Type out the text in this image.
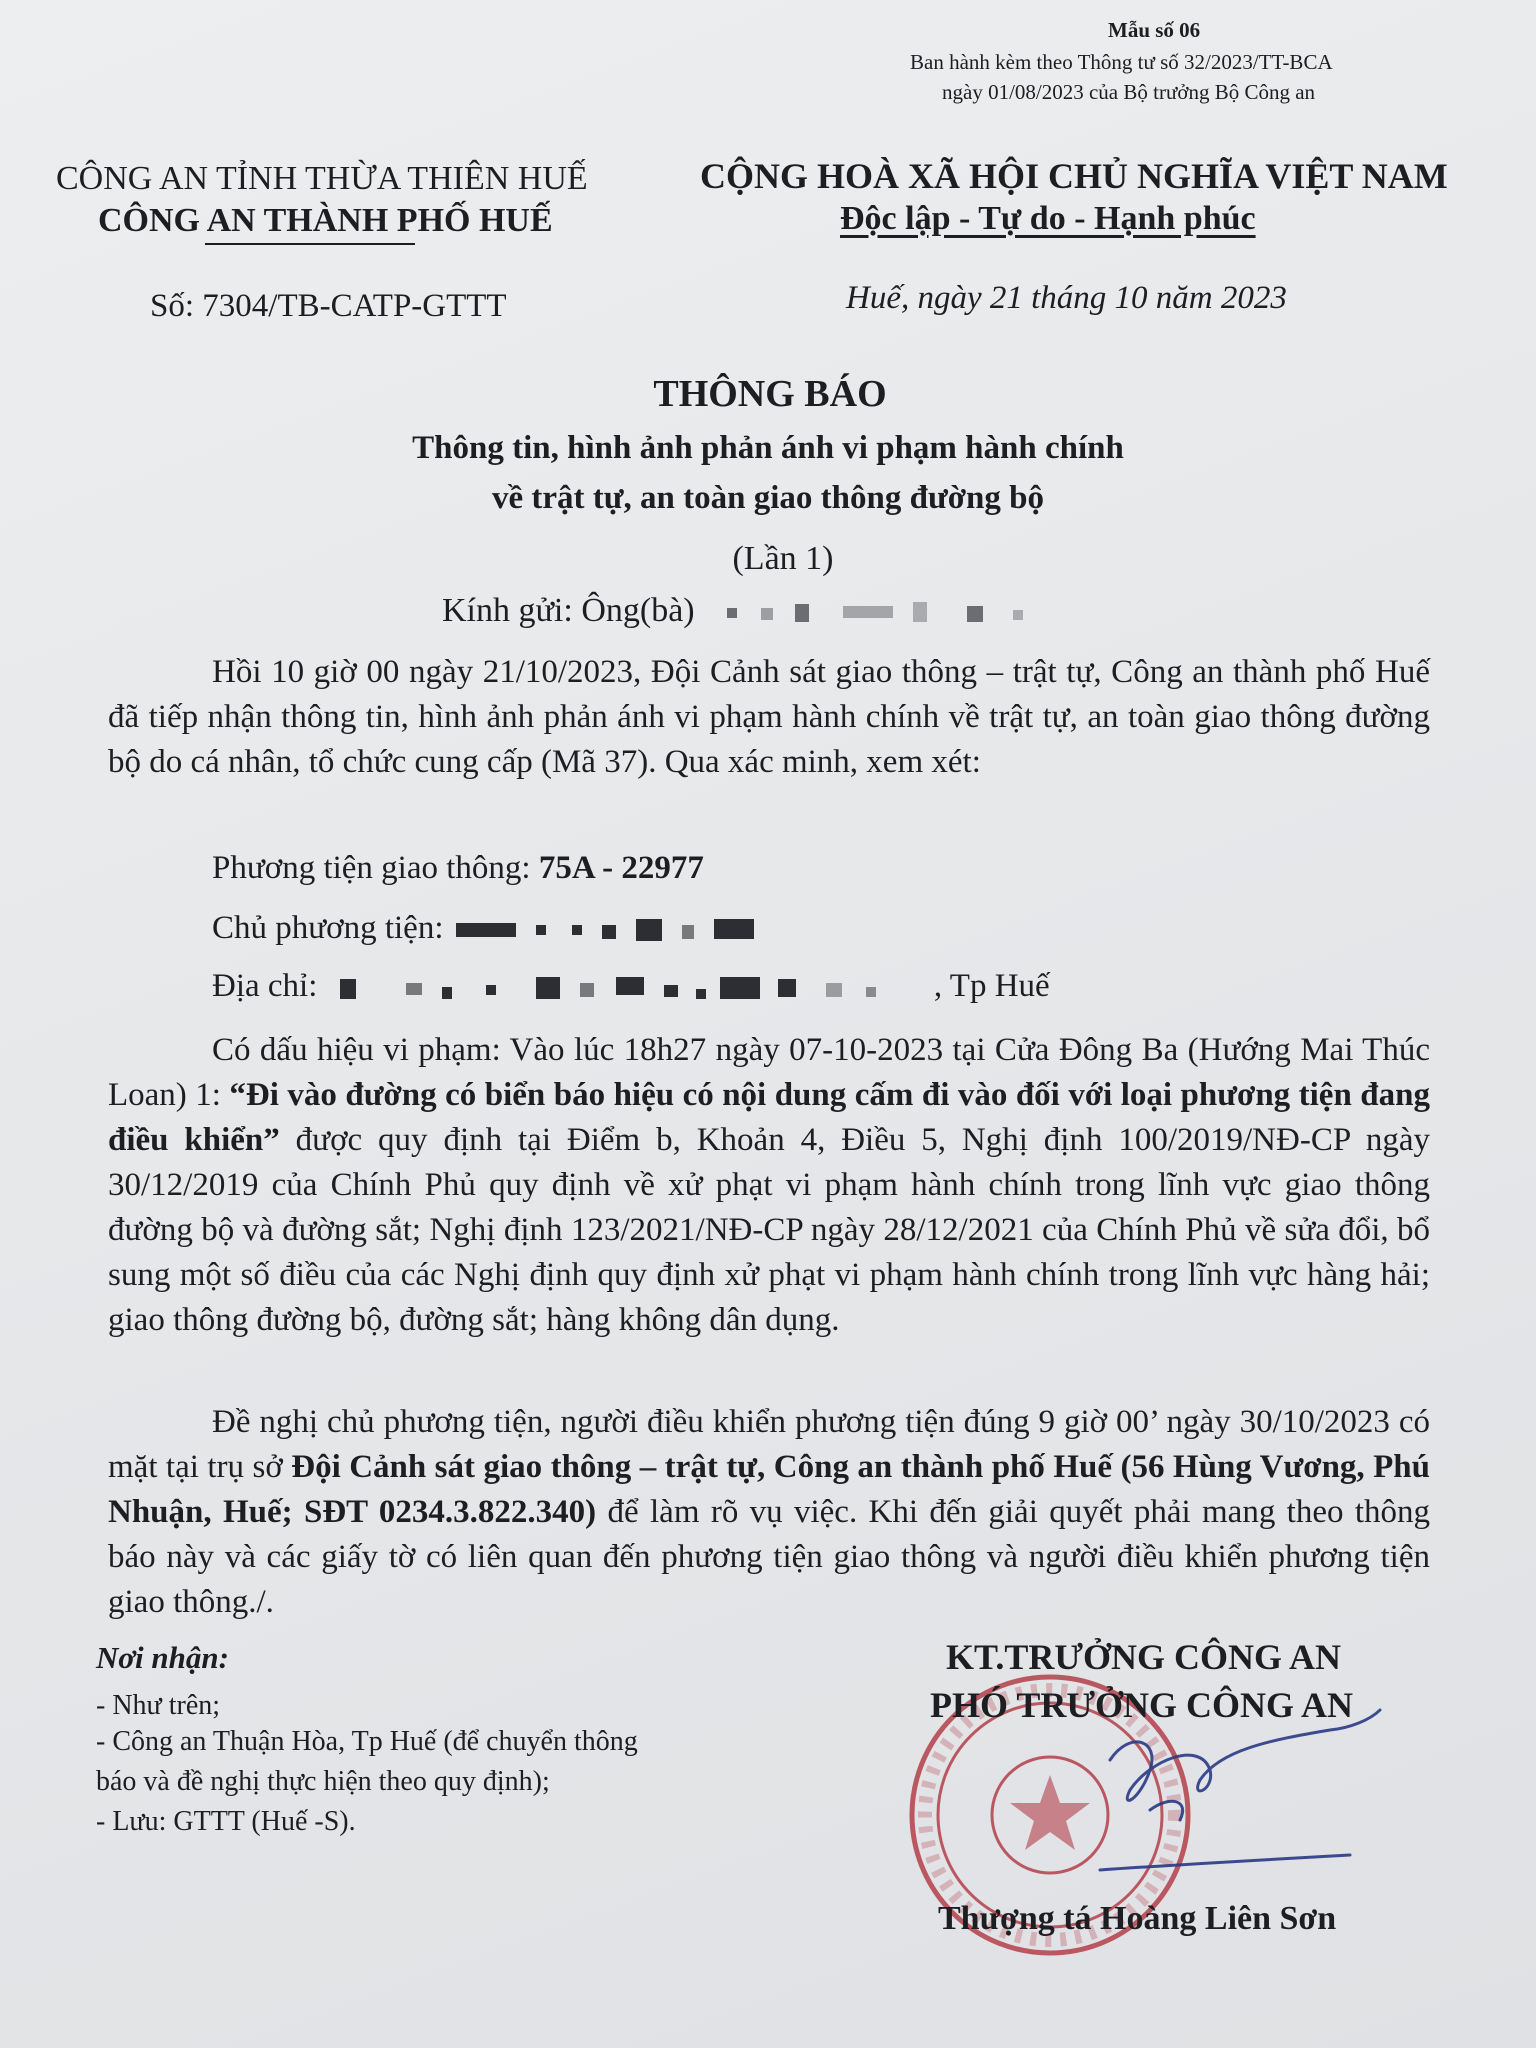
Mẫu số 06
Ban hành kèm theo Thông tư số 32/2023/TT-BCA
ngày 01/08/2023 của Bộ trưởng Bộ Công an
CÔNG AN TỈNH THỪA THIÊN HUẾ
CÔNG AN THÀNH PHỐ HUẾ
CỘNG HOÀ XÃ HỘI CHỦ NGHĨA VIỆT NAM
Độc lập - Tự do - Hạnh phúc
Số: 7304/TB-CATP-GTTT	Huế, ngày 21 tháng 10 năm 2023
THÔNG BÁO
Thông tin, hình ảnh phản ánh vi phạm hành chính
về trật tự, an toàn giao thông đường bộ
(Lần 1)
Kính gửi: Ông(bà)
Hồi 10 giờ 00 ngày 21/10/2023, Đội Cảnh sát giao thông – trật tự, Công an thành phố Huế đã tiếp nhận thông tin, hình ảnh phản ánh vi phạm hành chính về trật tự, an toàn giao thông đường bộ do cá nhân, tổ chức cung cấp (Mã 37). Qua xác minh, xem xét:
Phương tiện giao thông: 75A - 22977
Chủ phương tiện:
Địa chỉ:	, Tp Huế
Có dấu hiệu vi phạm: Vào lúc 18h27 ngày 07-10-2023 tại Cửa Đông Ba (Hướng Mai Thúc Loan) 1: “Đi vào đường có biển báo hiệu có nội dung cấm đi vào đối với loại phương tiện đang điều khiển” được quy định tại Điểm b, Khoản 4, Điều 5, Nghị định 100/2019/NĐ-CP ngày 30/12/2019 của Chính Phủ quy định về xử phạt vi phạm hành chính trong lĩnh vực giao thông đường bộ và đường sắt; Nghị định 123/2021/NĐ-CP ngày 28/12/2021 của Chính Phủ về sửa đổi, bổ sung một số điều của các Nghị định quy định xử phạt vi phạm hành chính trong lĩnh vực hàng hải; giao thông đường bộ, đường sắt; hàng không dân dụng.
Đề nghị chủ phương tiện, người điều khiển phương tiện đúng 9 giờ 00’ ngày 30/10/2023 có mặt tại trụ sở Đội Cảnh sát giao thông – trật tự, Công an thành phố Huế (56 Hùng Vương, Phú Nhuận, Huế; SĐT 0234.3.822.340) để làm rõ vụ việc. Khi đến giải quyết phải mang theo thông báo này và các giấy tờ có liên quan đến phương tiện giao thông và người điều khiển phương tiện giao thông./.
Nơi nhận:
- Như trên;
- Công an Thuận Hòa, Tp Huế (để chuyển thông
báo và đề nghị thực hiện theo quy định);
- Lưu: GTTT (Huế -S).
KT.TRƯỞNG CÔNG AN
PHÓ TRƯỞNG CÔNG AN
Thượng tá Hoàng Liên Sơn
